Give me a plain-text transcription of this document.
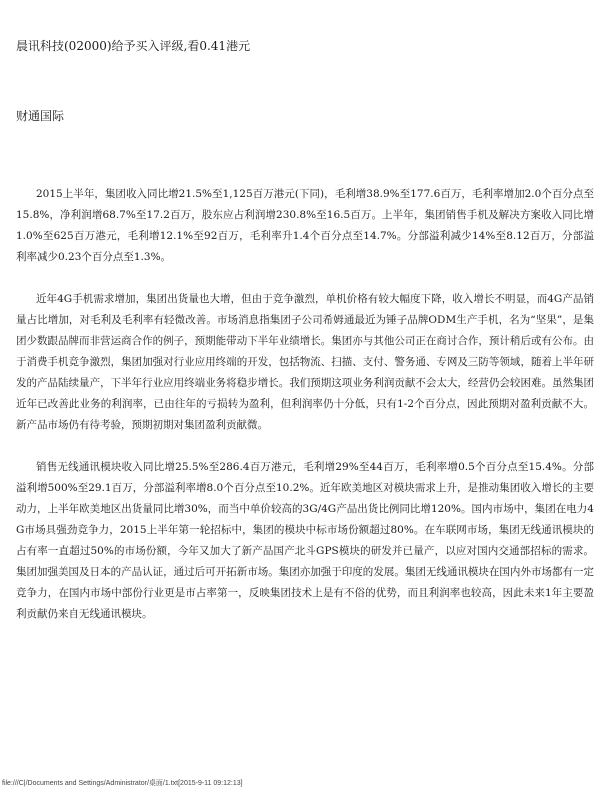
晨讯科技(02000)给予买入评级,看0.41港元
财通国际

2015上半年，集团收入同比增21.5%至1,125百万港元(下同)，毛利增38.9%至177.6百万，毛利率增加2.0个百分点至15.8%，净利润增68.7%至17.2百万，股东应占利润增230.8%至16.5百万。上半年，集团销售手机及解决方案收入同比增1.0%至625百万港元，毛利增12.1%至92百万，毛利率升1.4个百分点至14.7%。分部溢利减少14%至8.12百万，分部溢利率减少0.23个百分点至1.3%。

近年4G手机需求增加，集团出货量也大增，但由于竞争激烈，单机价格有较大幅度下降，收入增长不明显，而4G产品销量占比增加，对毛利及毛利率有轻微改善。市场消息指集团子公司希姆通最近为锤子品牌ODM生产手机，名为“坚果”，是集团少数跟品牌而非营运商合作的例子，预期能带动下半年业绩增长。集团亦与其他公司正在商讨合作，预计稍后或有公布。由于消费手机竞争激烈，集团加强对行业应用终端的开发，包括物流、扫描、支付、警务通、专网及三防等领域，随着上半年研发的产品陆续量产，下半年行业应用终端业务将稳步增长。我们预期这项业务利润贡献不会太大，经营仍会较困难。虽然集团近年已改善此业务的利润率，已由往年的亏损转为盈利，但利润率仍十分低，只有1-2个百分点，因此预期对盈利贡献不大。新产品市场仍有待考验，预期初期对集团盈利贡献微。

销售无线通讯模块收入同比增25.5%至286.4百万港元，毛利增29%至44百万，毛利率增0.5个百分点至15.4%。分部溢利增500%至29.1百万，分部溢利率增8.0个百分点至10.2%。近年欧美地区对模块需求上升，是推动集团收入增长的主要动力，上半年欧美地区出货量同比增30%，而当中单价较高的3G/4G产品出货比例同比增120%。国内市场中，集团在电力4G市场具强劲竞争力，2015上半年第一轮招标中，集团的模块中标市场份额超过80%。在车联网市场，集团无线通讯模块的占有率一直超过50%的市场份额，今年又加大了新产品国产北斗GPS模块的研发并已量产，以应对国内交通部招标的需求。集团加强美国及日本的产品认证，通过后可开拓新市场。集团亦加强于印度的发展。集团无线通讯模块在国内外市场都有一定竞争力，在国内市场中部份行业更是市占率第一，反映集团技术上是有不俗的优势，而且利润率也较高，因此未来1年主要盈利贡献仍来自无线通讯模块。

file:///C|/Documents and Settings/Administrator/桌面/1.txt[2015-9-11 09:12:13]
